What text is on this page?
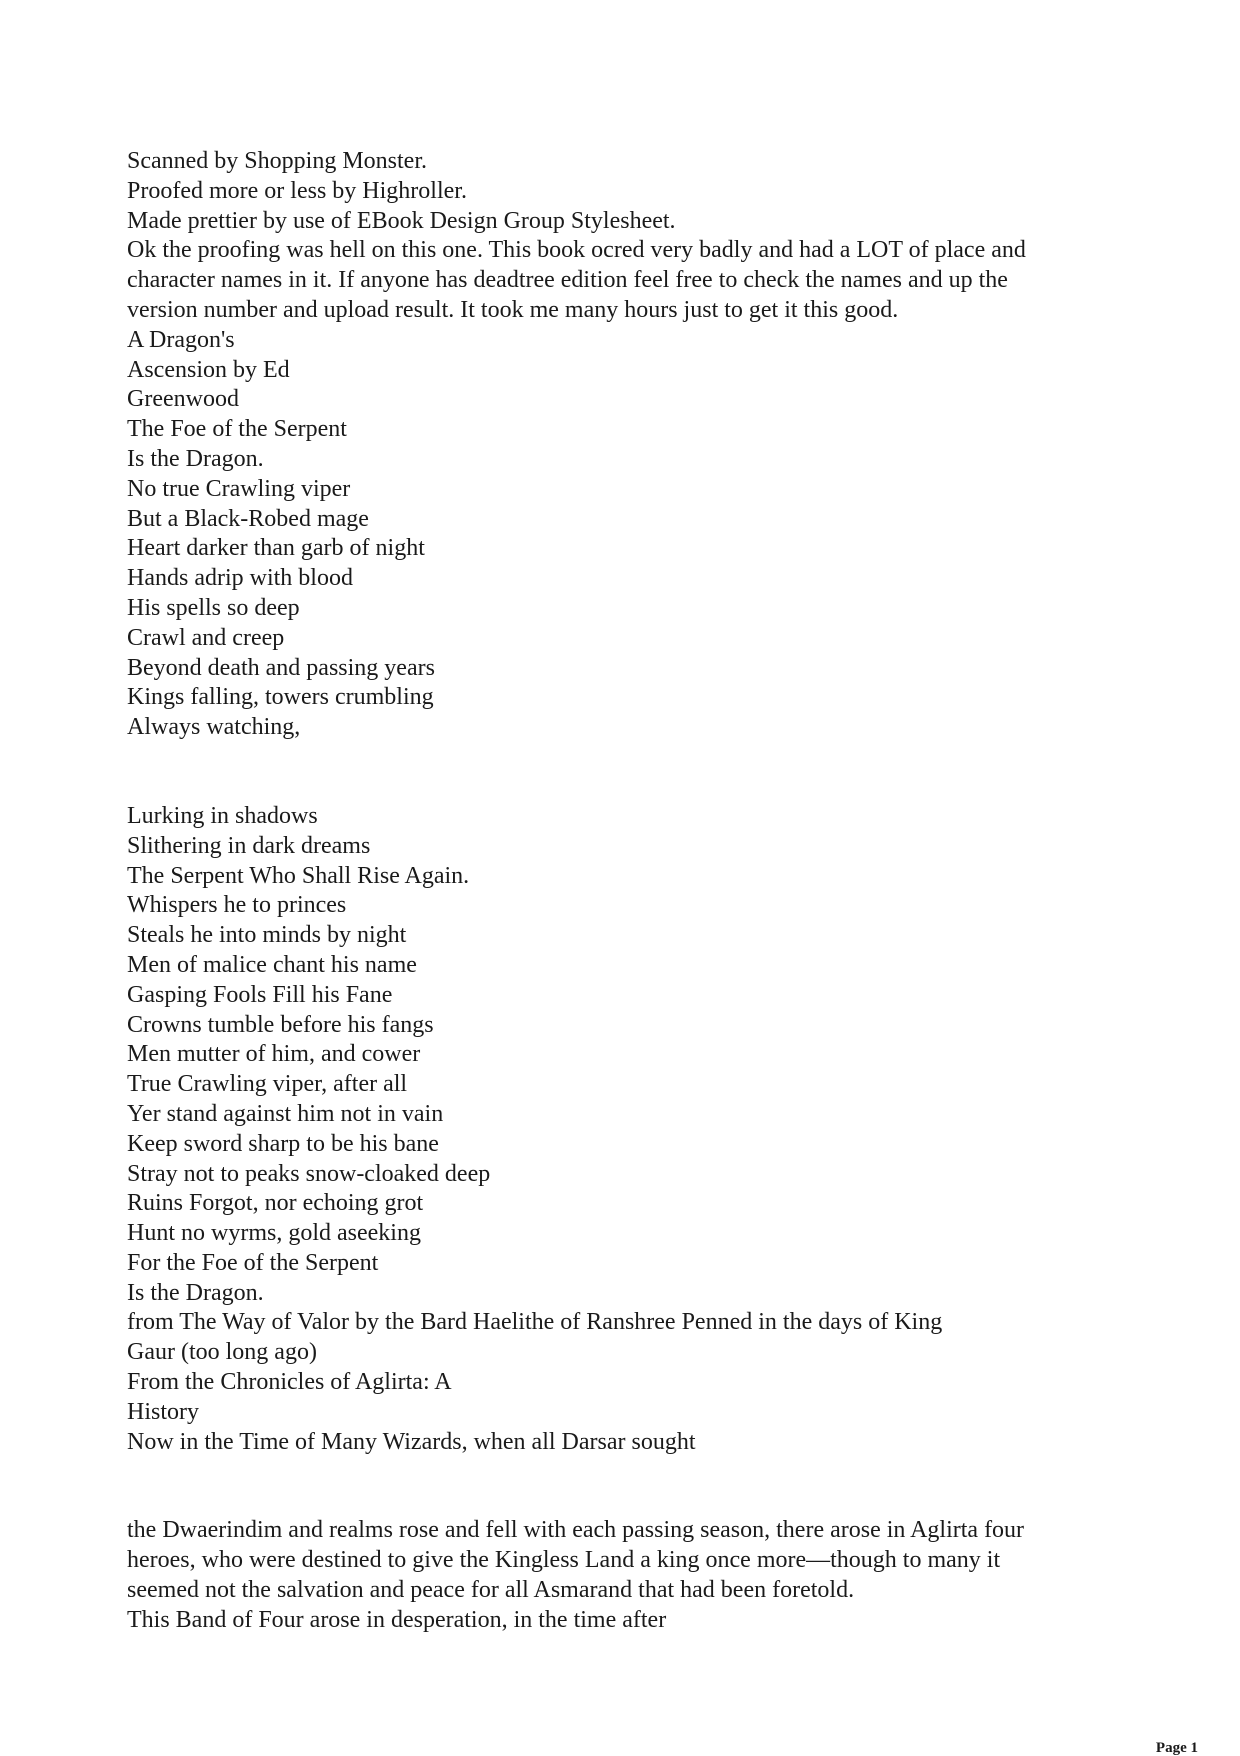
Scanned by Shopping Monster.
Proofed more or less by Highroller.
Made prettier by use of EBook Design Group Stylesheet.
Ok the proofing was hell on this one. This book ocred very badly and had a LOT of place and
character names in it. If anyone has deadtree edition feel free to check the names and up the
version number and upload result. It took me many hours just to get it this good.
A Dragon's
Ascension by Ed
Greenwood
The Foe of the Serpent
Is the Dragon.
No true Crawling viper
But a Black-Robed mage
Heart darker than garb of night
Hands adrip with blood
His spells so deep
Crawl and creep
Beyond death and passing years
Kings falling, towers crumbling
Always watching,
Lurking in shadows
Slithering in dark dreams
The Serpent Who Shall Rise Again.
Whispers he to princes
Steals he into minds by night
Men of malice chant his name
Gasping Fools Fill his Fane
Crowns tumble before his fangs
Men mutter of him, and cower
True Crawling viper, after all
Yer stand against him not in vain
Keep sword sharp to be his bane
Stray not to peaks snow-cloaked deep
Ruins Forgot, nor echoing grot
Hunt no wyrms, gold aseeking
For the Foe of the Serpent
Is the Dragon.
from The Way of Valor by the Bard Haelithe of Ranshree Penned in the days of King
Gaur (too long ago)
From the Chronicles of Aglirta: A
History
Now in the Time of Many Wizards, when all Darsar sought
the Dwaerindim and realms rose and fell with each passing season, there arose in Aglirta four
heroes, who were destined to give the Kingless Land a king once more—though to many it
seemed not the salvation and peace for all Asmarand that had been foretold.
This Band of Four arose in desperation, in the time after
Page 1
